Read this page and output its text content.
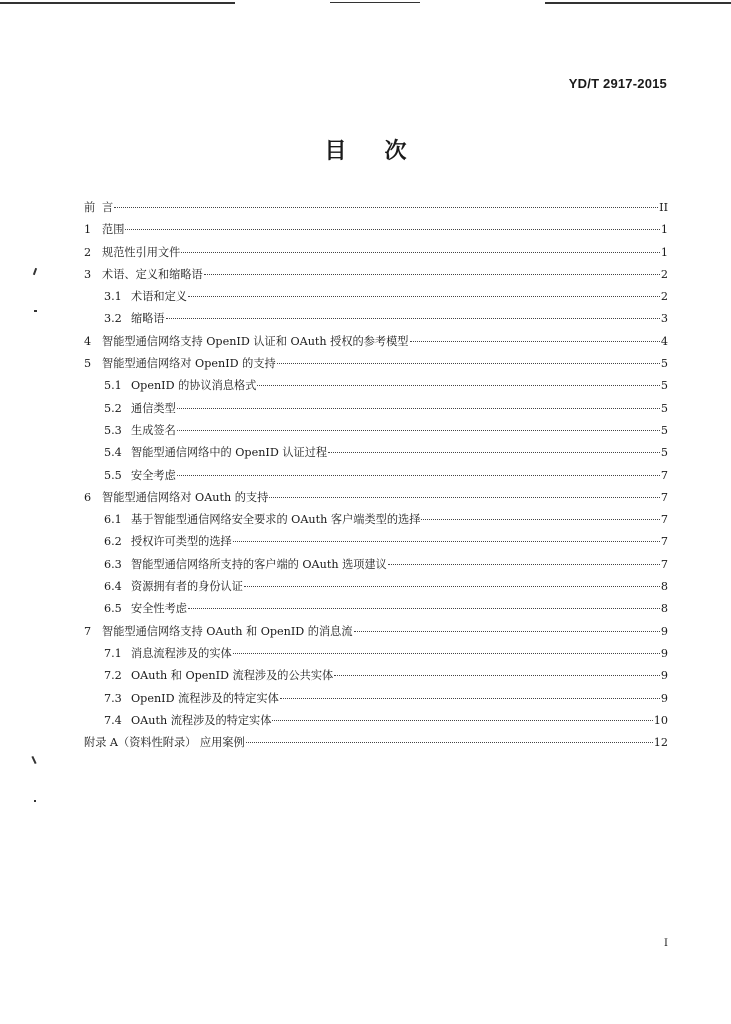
YD/T 2917-2015
目 次
前 言	II
1 范围	1
2 规范性引用文件	1
3 术语、定义和缩略语	2
3.1 术语和定义	2
3.2 缩略语	3
4 智能型通信网络支持 OpenID 认证和 OAuth 授权的参考模型	4
5 智能型通信网络对 OpenID 的支持	5
5.1 OpenID 的协议消息格式	5
5.2 通信类型	5
5.3 生成签名	5
5.4 智能型通信网络中的 OpenID 认证过程	5
5.5 安全考虑	7
6 智能型通信网络对 OAuth 的支持	7
6.1 基于智能型通信网络安全要求的 OAuth 客户端类型的选择	7
6.2 授权许可类型的选择	7
6.3 智能型通信网络所支持的客户端的 OAuth 选项建议	7
6.4 资源拥有者的身份认证	8
6.5 安全性考虑	8
7 智能型通信网络支持 OAuth 和 OpenID 的消息流	9
7.1 消息流程涉及的实体	9
7.2 OAuth 和 OpenID 流程涉及的公共实体	9
7.3 OpenID 流程涉及的特定实体	9
7.4 OAuth 流程涉及的特定实体	10
附录 A（资料性附录） 应用案例	12
I
